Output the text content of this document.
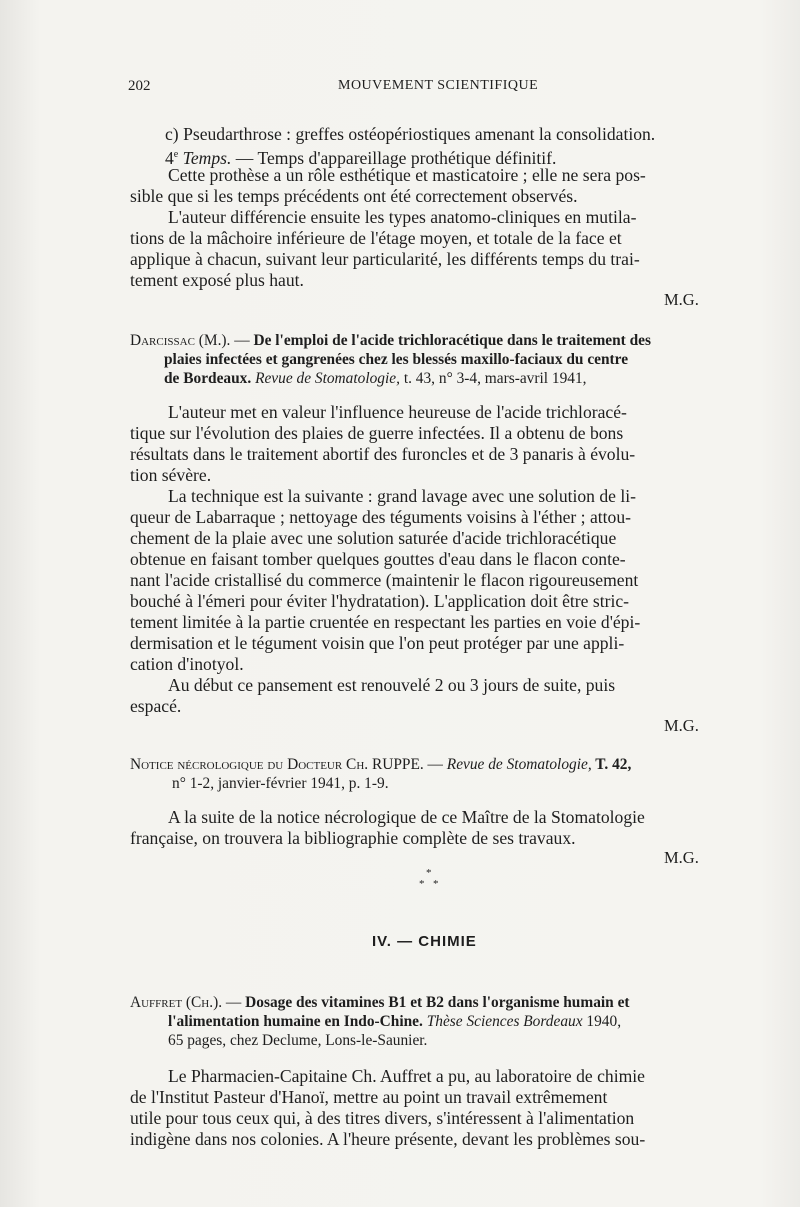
202	MOUVEMENT SCIENTIFIQUE
c) Pseudarthrose : greffes ostéopériostiques amenant la consolidation.
4e Temps. — Temps d'appareillage prothétique définitif.
Cette prothèse a un rôle esthétique et masticatoire ; elle ne sera pos-
sible que si les temps précédents ont été correctement observés.
L'auteur différencie ensuite les types anatomo-cliniques en mutila-
tions de la mâchoire inférieure de l'étage moyen, et totale de la face et
applique à chacun, suivant leur particularité, les différents temps du trai-
tement exposé plus haut.
M.G.
Darcissac (M.). — De l'emploi de l'acide trichloracétique dans le traitement des
plaies infectées et gangrenées chez les blessés maxillo-faciaux du centre
de Bordeaux. Revue de Stomatologie, t. 43, n° 3-4, mars-avril 1941,
L'auteur met en valeur l'influence heureuse de l'acide trichloracé-
tique sur l'évolution des plaies de guerre infectées. Il a obtenu de bons
résultats dans le traitement abortif des furoncles et de 3 panaris à évolu-
tion sévère.
La technique est la suivante : grand lavage avec une solution de li-
queur de Labarraque ; nettoyage des téguments voisins à l'éther ; attou-
chement de la plaie avec une solution saturée d'acide trichloracétique
obtenue en faisant tomber quelques gouttes d'eau dans le flacon conte-
nant l'acide cristallisé du commerce (maintenir le flacon rigoureusement
bouché à l'émeri pour éviter l'hydratation). L'application doit être stric-
tement limitée à la partie cruentée en respectant les parties en voie d'épi-
dermisation et le tégument voisin que l'on peut protéger par une appli-
cation d'inotyol.
Au début ce pansement est renouvelé 2 ou 3 jours de suite, puis
espacé.
M.G.
Notice nécrologique du Docteur Ch. RUPPE. — Revue de Stomatologie, T. 42,
n° 1-2, janvier-février 1941, p. 1-9.
A la suite de la notice nécrologique de ce Maître de la Stomatologie
française, on trouvera la bibliographie complète de ses travaux.
M.G.
*
* *
IV. — CHIMIE
Auffret (Ch.). — Dosage des vitamines B1 et B2 dans l'organisme humain et
l'alimentation humaine en Indo-Chine. Thèse Sciences Bordeaux 1940,
65 pages, chez Declume, Lons-le-Saunier.
Le Pharmacien-Capitaine Ch. Auffret a pu, au laboratoire de chimie
de l'Institut Pasteur d'Hanoï, mettre au point un travail extrêmement
utile pour tous ceux qui, à des titres divers, s'intéressent à l'alimentation
indigène dans nos colonies. A l'heure présente, devant les problèmes sou-
